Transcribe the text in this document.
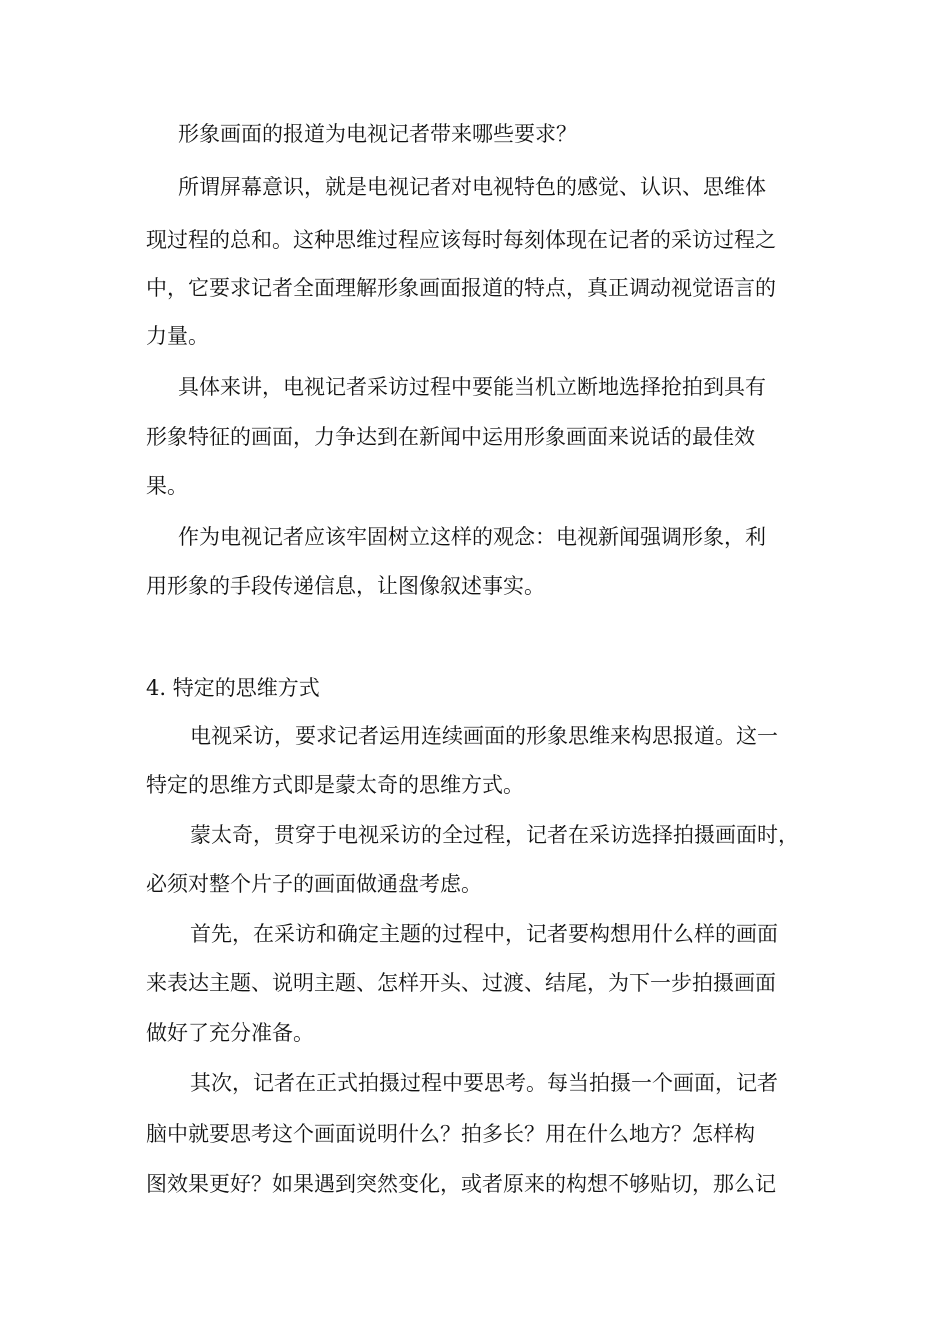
形象画面的报道为电视记者带来哪些要求？
所谓屏幕意识，就是电视记者对电视特色的感觉、认识、思维体
现过程的总和。这种思维过程应该每时每刻体现在记者的采访过程之
中，它要求记者全面理解形象画面报道的特点，真正调动视觉语言的
力量。
具体来讲，电视记者采访过程中要能当机立断地选择抢拍到具有
形象特征的画面，力争达到在新闻中运用形象画面来说话的最佳效
果。
作为电视记者应该牢固树立这样的观念：电视新闻强调形象，利
用形象的手段传递信息，让图像叙述事实。
4. 特定的思维方式
电视采访，要求记者运用连续画面的形象思维来构思报道。这一
特定的思维方式即是蒙太奇的思维方式。
蒙太奇，贯穿于电视采访的全过程，记者在采访选择拍摄画面时，
必须对整个片子的画面做通盘考虑。
首先，在采访和确定主题的过程中，记者要构想用什么样的画面
来表达主题、说明主题、怎样开头、过渡、结尾，为下一步拍摄画面
做好了充分准备。
其次，记者在正式拍摄过程中要思考。每当拍摄一个画面，记者
脑中就要思考这个画面说明什么？拍多长？用在什么地方？怎样构
图效果更好？如果遇到突然变化，或者原来的构想不够贴切，那么记
